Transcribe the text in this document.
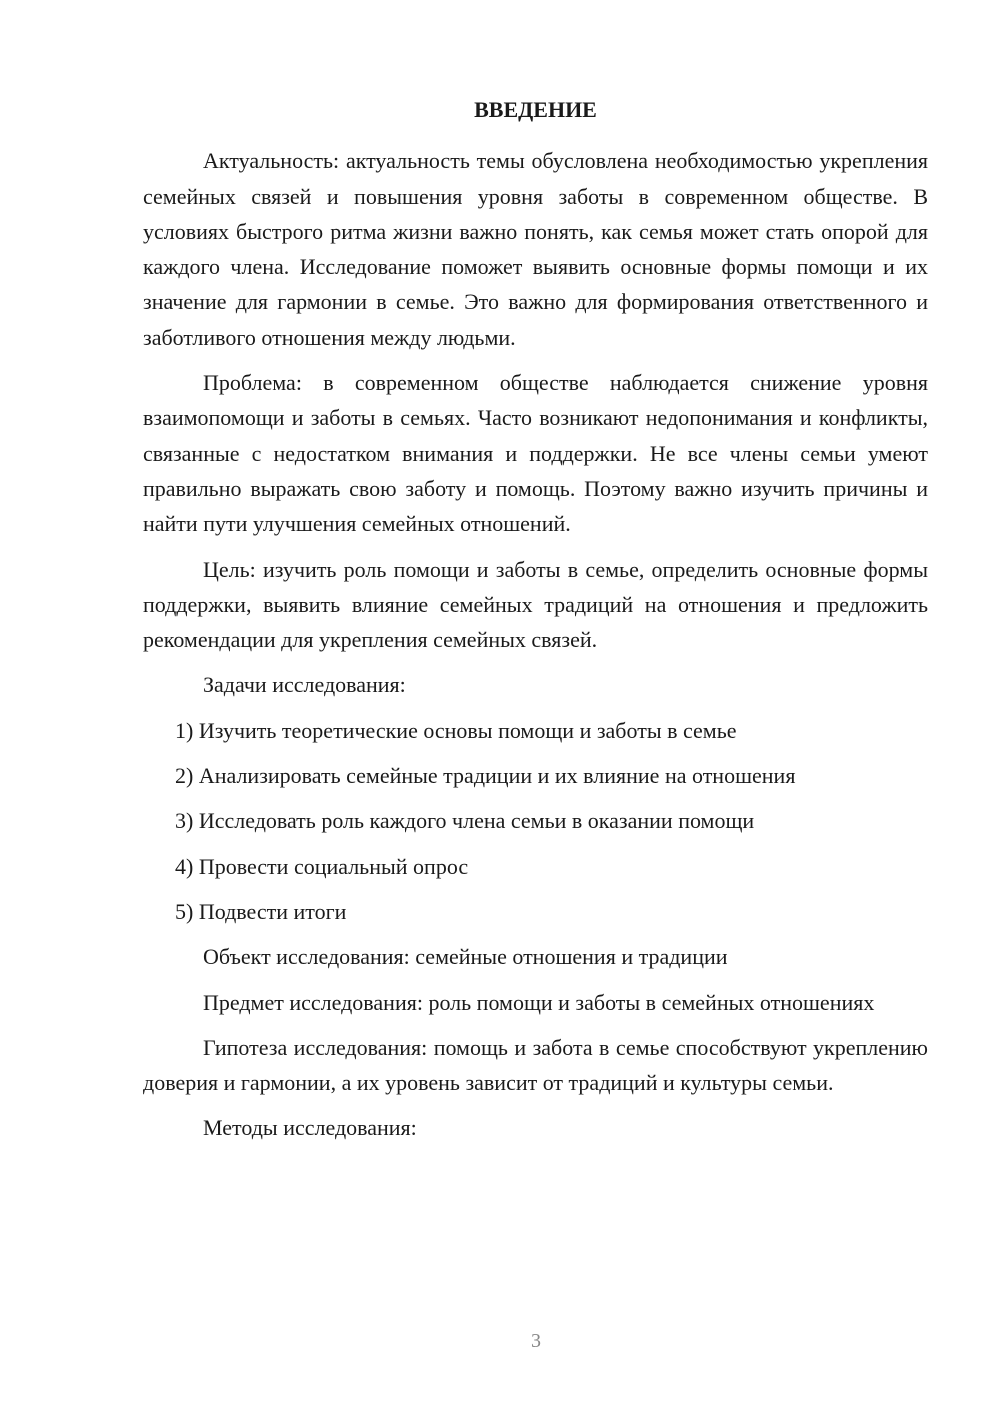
ВВЕДЕНИЕ

Актуальность: актуальность темы обусловлена необходимостью укрепления семейных связей и повышения уровня заботы в современном обществе. В условиях быстрого ритма жизни важно понять, как семья может стать опорой для каждого члена. Исследование поможет выявить основные формы помощи и их значение для гармонии в семье. Это важно для формирования ответственного и заботливого отношения между людьми.

Проблема: в современном обществе наблюдается снижение уровня взаимопомощи и заботы в семьях. Часто возникают недопонимания и конфликты, связанные с недостатком внимания и поддержки. Не все члены семьи умеют правильно выражать свою заботу и помощь. Поэтому важно изучить причины и найти пути улучшения семейных отношений.

Цель: изучить роль помощи и заботы в семье, определить основные формы поддержки, выявить влияние семейных традиций на отношения и предложить рекомендации для укрепления семейных связей.

Задачи исследования:
1) Изучить теоретические основы помощи и заботы в семье
2) Анализировать семейные традиции и их влияние на отношения
3) Исследовать роль каждого члена семьи в оказании помощи
4) Провести социальный опрос
5) Подвести итоги
Объект исследования: семейные отношения и традиции

Предмет исследования: роль помощи и заботы в семейных отношениях

Гипотеза исследования: помощь и забота в семье способствуют укреплению доверия и гармонии, а их уровень зависит от традиций и культуры семьи.

Методы исследования:
3
